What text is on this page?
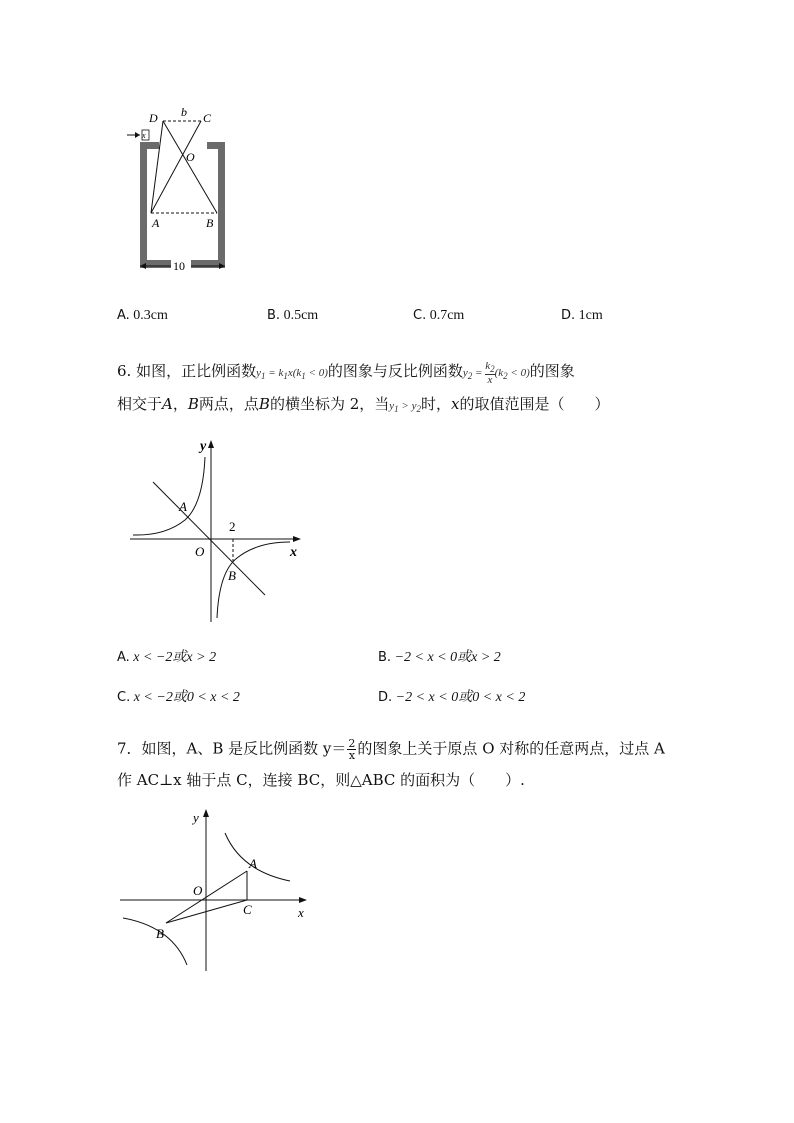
D b C
x
O
A	B
10
A. 0.3cm	B. 0.5cm	C. 0.7cm	D. 1cm
6. 如图，正比例函数$y_1 = k_1x(k_1 < 0)$的图象与反比例函数$y_2 = \frac{k_2}{x} (k_2 < 0)$的图象
相交于A，B两点，点B的横坐标为 2，当$y_1 > y_2$时，x的取值范围是（　　）
y
x
O
A
B
2
A. x < −2或x > 2	B. −2 < x < 0或x > 2
C. x < −2或0 < x < 2	D. −2 < x < 0或0 < x < 2
7．如图，A、B 是反比例函数 $y= \frac{2}{x}$ 的图象上关于原点 O 对称的任意两点，过点 A
作 AC⊥x 轴于点 C，连接 BC，则△ABC 的面积为（　　）.
y
x
O
A
B
C
